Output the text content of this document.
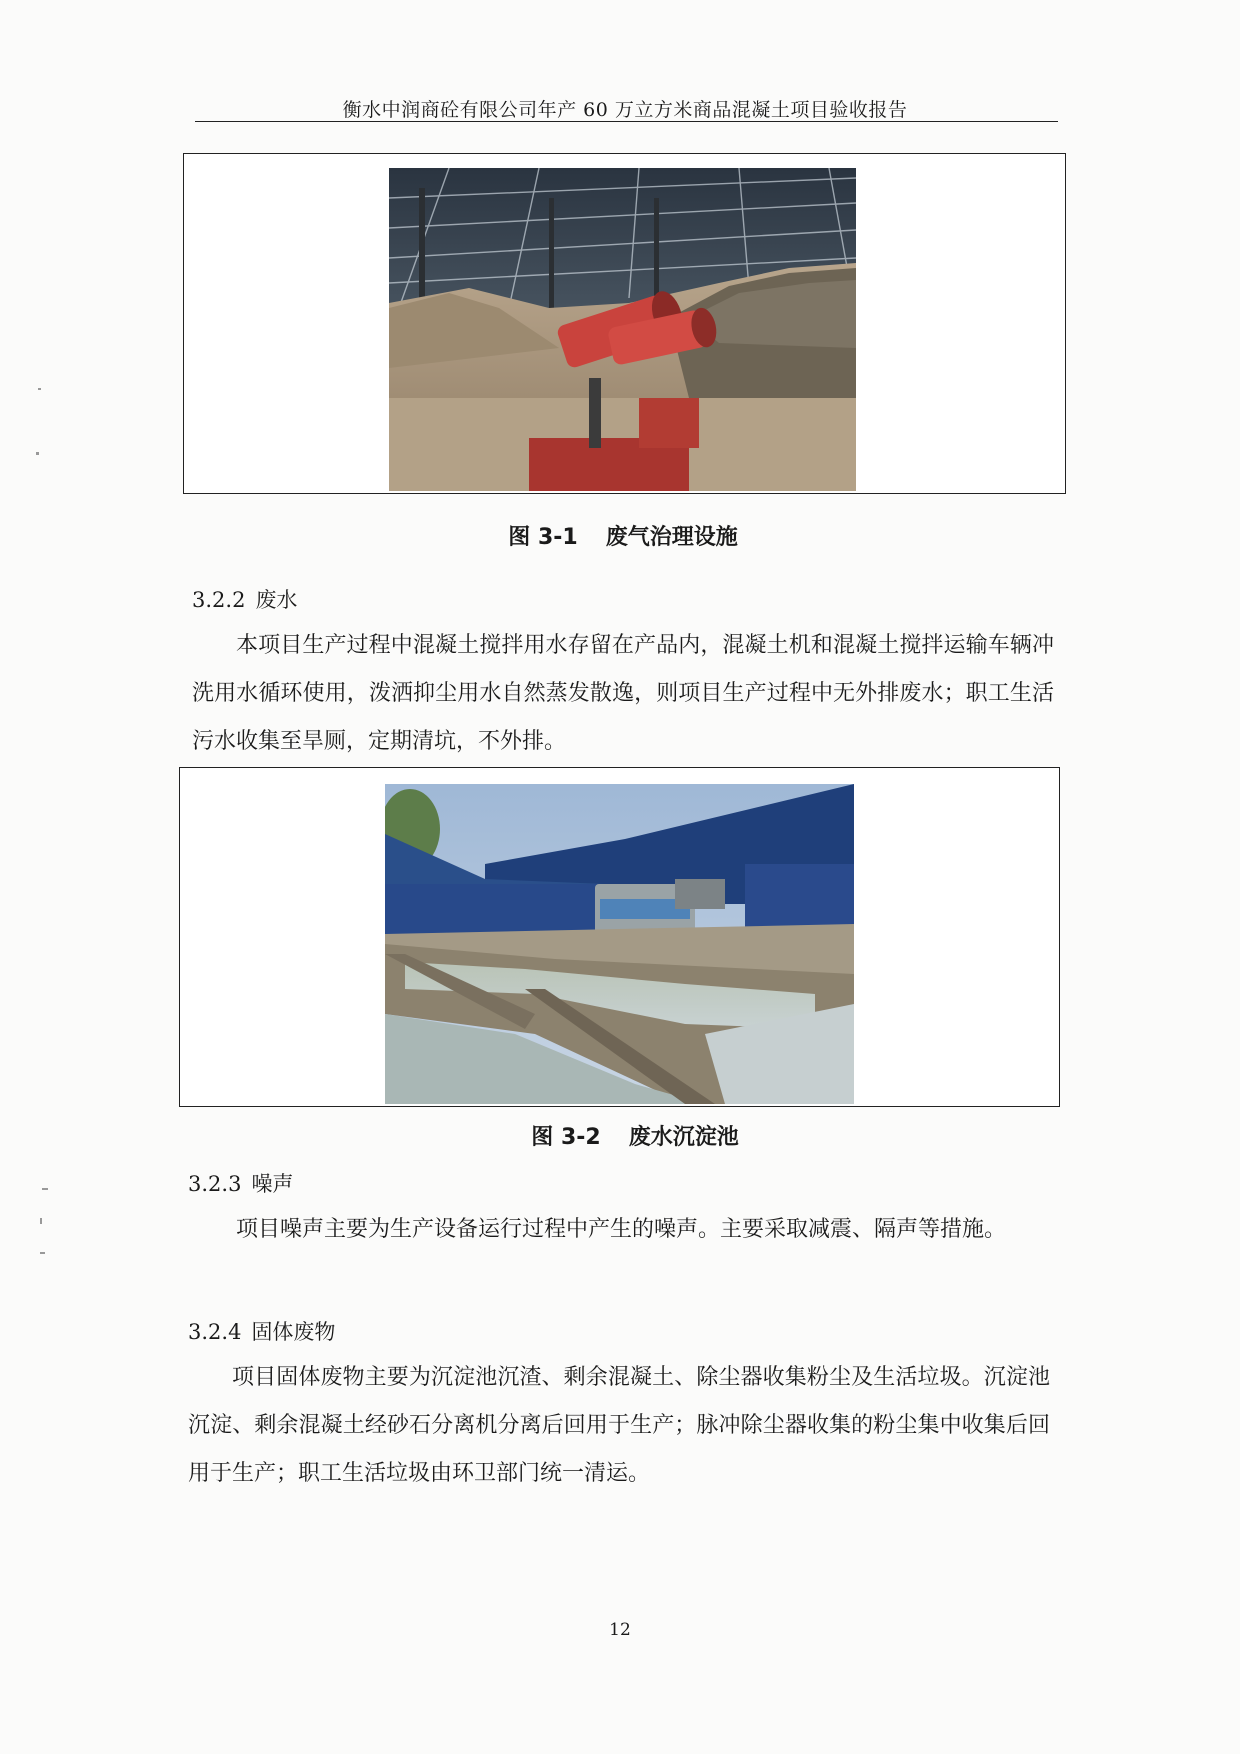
衡水中润商砼有限公司年产 60 万立方米商品混凝土项目验收报告
图 3-1 废气治理设施
3.2.2 废水

本项目生产过程中混凝土搅拌用水存留在产品内，混凝土机和混凝土搅拌运输车辆冲洗用水循环使用，泼洒抑尘用水自然蒸发散逸，则项目生产过程中无外排废水；职工生活污水收集至旱厕，定期清坑，不外排。

图 3-2 废水沉淀池
3.2.3 噪声

项目噪声主要为生产设备运行过程中产生的噪声。主要采取减震、隔声等措施。

3.2.4 固体废物

项目固体废物主要为沉淀池沉渣、剩余混凝土、除尘器收集粉尘及生活垃圾。沉淀池沉淀、剩余混凝土经砂石分离机分离后回用于生产；脉冲除尘器收集的粉尘集中收集后回用于生产；职工生活垃圾由环卫部门统一清运。

12
